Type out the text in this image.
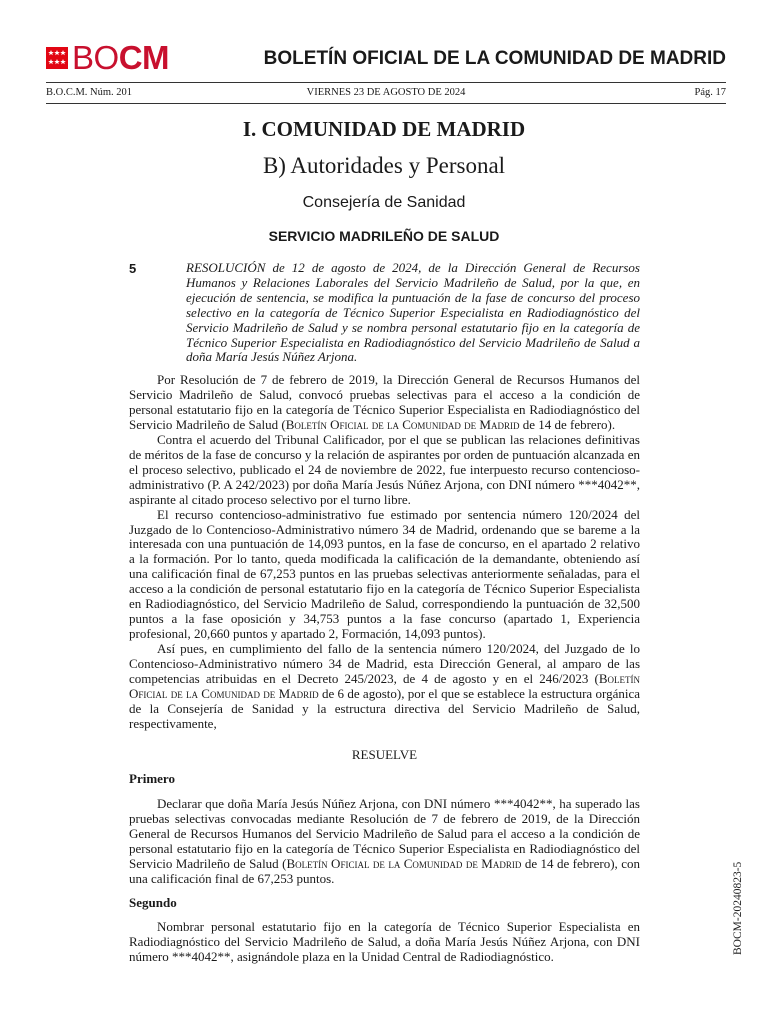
BOCM	BOLETÍN OFICIAL DE LA COMUNIDAD DE MADRID
B.O.C.M. Núm. 201	VIERNES 23 DE AGOSTO DE 2024	Pág. 17
I. COMUNIDAD DE MADRID
B) Autoridades y Personal
Consejería de Sanidad
SERVICIO MADRILEÑO DE SALUD
5	RESOLUCIÓN de 12 de agosto de 2024, de la Dirección General de Recursos Humanos y Relaciones Laborales del Servicio Madrileño de Salud, por la que, en ejecución de sentencia, se modifica la puntuación de la fase de concurso del proceso selectivo en la categoría de Técnico Superior Especialista en Radiodiagnóstico del Servicio Madrileño de Salud y se nombra personal estatutario fijo en la categoría de Técnico Superior Especialista en Radiodiagnóstico del Servicio Madrileño de Salud a doña María Jesús Núñez Arjona.

Por Resolución de 7 de febrero de 2019, la Dirección General de Recursos Humanos del Servicio Madrileño de Salud, convocó pruebas selectivas para el acceso a la condición de personal estatutario fijo en la categoría de Técnico Superior Especialista en Radiodiagnóstico del Servicio Madrileño de Salud (Boletín Oficial de la Comunidad de Madrid de 14 de febrero).

Contra el acuerdo del Tribunal Calificador, por el que se publican las relaciones definitivas de méritos de la fase de concurso y la relación de aspirantes por orden de puntuación alcanzada en el proceso selectivo, publicado el 24 de noviembre de 2022, fue interpuesto recurso contencioso-administrativo (P. A 242/2023) por doña María Jesús Núñez Arjona, con DNI número ***4042**, aspirante al citado proceso selectivo por el turno libre.

El recurso contencioso-administrativo fue estimado por sentencia número 120/2024 del Juzgado de lo Contencioso-Administrativo número 34 de Madrid, ordenando que se bareme a la interesada con una puntuación de 14,093 puntos, en la fase de concurso, en el apartado 2 relativo a la formación. Por lo tanto, queda modificada la calificación de la demandante, obteniendo así una calificación final de 67,253 puntos en las pruebas selectivas anteriormente señaladas, para el acceso a la condición de personal estatutario fijo en la categoría de Técnico Superior Especialista en Radiodiagnóstico, del Servicio Madrileño de Salud, correspondiendo la puntuación de 32,500 puntos a la fase oposición y 34,753 puntos a la fase concurso (apartado 1, Experiencia profesional, 20,660 puntos y apartado 2, Formación, 14,093 puntos).

Así pues, en cumplimiento del fallo de la sentencia número 120/2024, del Juzgado de lo Contencioso-Administrativo número 34 de Madrid, esta Dirección General, al amparo de las competencias atribuidas en el Decreto 245/2023, de 4 de agosto y en el 246/2023 (Boletín Oficial de la Comunidad de Madrid de 6 de agosto), por el que se establece la estructura orgánica de la Consejería de Sanidad y la estructura directiva del Servicio Madrileño de Salud, respectivamente,

RESUELVE
Primero

Declarar que doña María Jesús Núñez Arjona, con DNI número ***4042**, ha superado las pruebas selectivas convocadas mediante Resolución de 7 de febrero de 2019, de la Dirección General de Recursos Humanos del Servicio Madrileño de Salud para el acceso a la condición de personal estatutario fijo en la categoría de Técnico Superior Especialista en Radiodiagnóstico del Servicio Madrileño de Salud (Boletín Oficial de la Comunidad de Madrid de 14 de febrero), con una calificación final de 67,253 puntos.

Segundo

Nombrar personal estatutario fijo en la categoría de Técnico Superior Especialista en Radiodiagnóstico del Servicio Madrileño de Salud, a doña María Jesús Núñez Arjona, con DNI número ***4042**, asignándole plaza en la Unidad Central de Radiodiagnóstico.

BOCM-20240823-5
